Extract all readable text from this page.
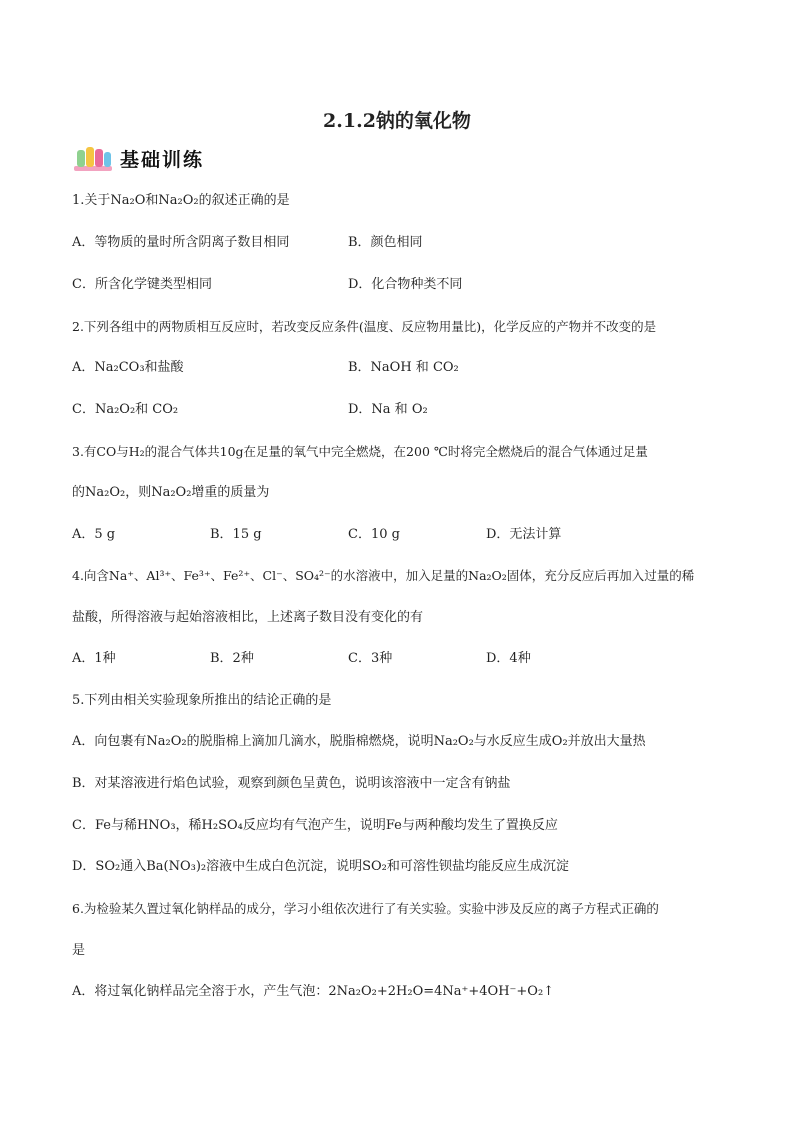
2.1.2钠的氧化物
基础训练
1.关于Na₂O和Na₂O₂的叙述正确的是
A．等物质的量时所含阴离子数目相同	B．颜色相同
C．所含化学键类型相同	D．化合物种类不同
2.下列各组中的两物质相互反应时，若改变反应条件(温度、反应物用量比)，化学反应的产物并不改变的是
A．Na₂CO₃和盐酸	B．NaOH 和 CO₂
C．Na₂O₂和 CO₂	D．Na 和 O₂
3.有CO与H₂的混合气体共10g在足量的氧气中完全燃烧，在200 ℃时将完全燃烧后的混合气体通过足量
的Na₂O₂，则Na₂O₂增重的质量为
A．5 g	B．15 g	C．10 g	D．无法计算
4.向含Na⁺、Al³⁺、Fe³⁺、Fe²⁺、Cl⁻、SO₄²⁻的水溶液中，加入足量的Na₂O₂固体，充分反应后再加入过量的稀
盐酸，所得溶液与起始溶液相比，上述离子数目没有变化的有
A．1种	B．2种	C．3种	D．4种
5.下列由相关实验现象所推出的结论正确的是
A．向包裹有Na₂O₂的脱脂棉上滴加几滴水，脱脂棉燃烧，说明Na₂O₂与水反应生成O₂并放出大量热
B．对某溶液进行焰色试验，观察到颜色呈黄色，说明该溶液中一定含有钠盐
C．Fe与稀HNO₃，稀H₂SO₄反应均有气泡产生，说明Fe与两种酸均发生了置换反应
D．SO₂通入Ba(NO₃)₂溶液中生成白色沉淀，说明SO₂和可溶性钡盐均能反应生成沉淀
6.为检验某久置过氧化钠样品的成分，学习小组依次进行了有关实验。实验中涉及反应的离子方程式正确的
是
A．将过氧化钠样品完全溶于水，产生气泡：2Na₂O₂+2H₂O=4Na⁺+4OH⁻+O₂↑
